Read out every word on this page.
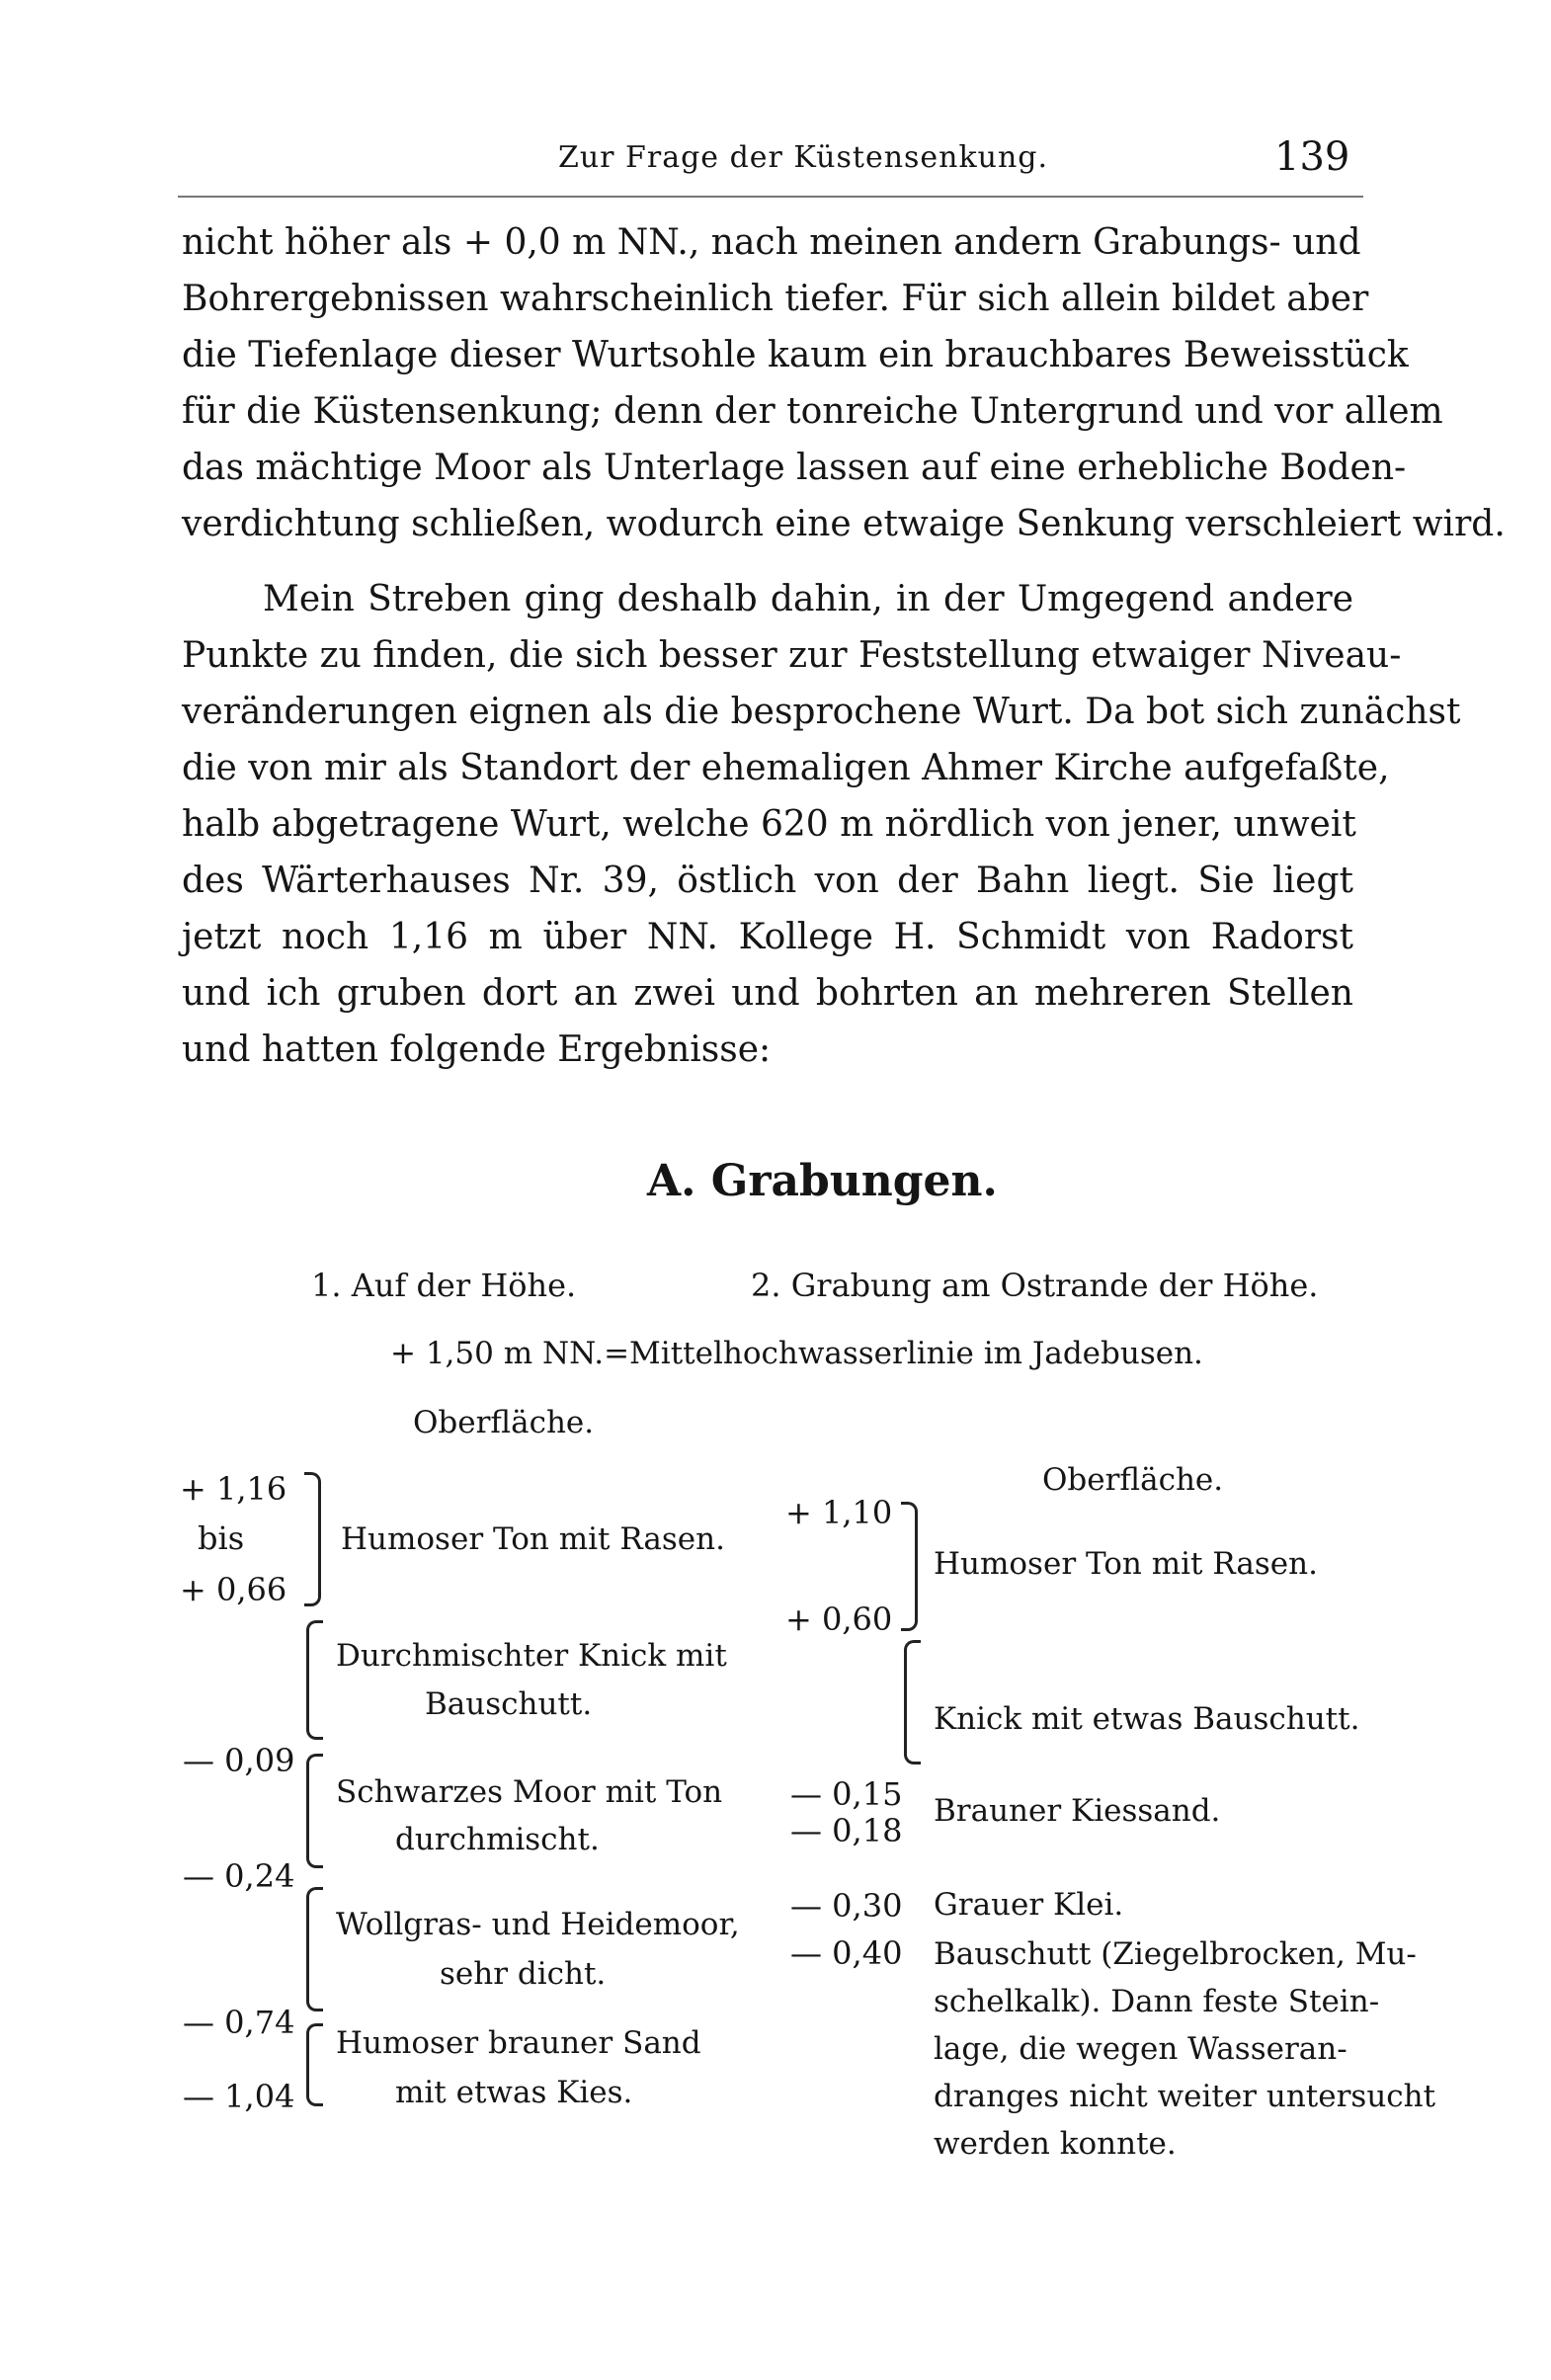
Zur Frage der Küstensenkung.	139
nicht höher als + 0,0 m NN., nach meinen andern Grabungs- und
Bohrergebnissen wahrscheinlich tiefer. Für sich allein bildet aber
die Tiefenlage dieser Wurtsohle kaum ein brauchbares Beweisstück
für die Küstensenkung; denn der tonreiche Untergrund und vor allem
das mächtige Moor als Unterlage lassen auf eine erhebliche Boden-
verdichtung schließen, wodurch eine etwaige Senkung verschleiert wird.
Mein Streben ging deshalb dahin, in der Umgegend andere
Punkte zu finden, die sich besser zur Feststellung etwaiger Niveau-
veränderungen eignen als die besprochene Wurt. Da bot sich zunächst
die von mir als Standort der ehemaligen Ahmer Kirche aufgefaßte,
halb abgetragene Wurt, welche 620 m nördlich von jener, unweit
des Wärterhauses Nr. 39, östlich von der Bahn liegt. Sie liegt
jetzt noch 1,16 m über NN. Kollege H. Schmidt von Radorst
und ich gruben dort an zwei und bohrten an mehreren Stellen
und hatten folgende Ergebnisse:
A. Grabungen.
1. Auf der Höhe.	2. Grabung am Ostrande der Höhe.
+ 1,50 m NN.=Mittelhochwasserlinie im Jadebusen.
Oberfläche.
Oberfläche.
+ 1,16
bis
+ 0,66
Humoser Ton mit Rasen.
Durchmischter Knick mit
Bauschutt.
— 0,09
Schwarzes Moor mit Ton
durchmischt.
— 0,24
Wollgras- und Heidemoor,
sehr dicht.
— 0,74
Humoser brauner Sand
mit etwas Kies.
— 1,04
+ 1,10
Humoser Ton mit Rasen.
+ 0,60
Knick mit etwas Bauschutt.
— 0,15
— 0,18
Brauner Kiessand.
— 0,30 Grauer Klei.
— 0,40 Bauschutt (Ziegelbrocken, Mu-
schelkalk). Dann feste Stein-
lage, die wegen Wasseran-
dranges nicht weiter untersucht
werden konnte.
